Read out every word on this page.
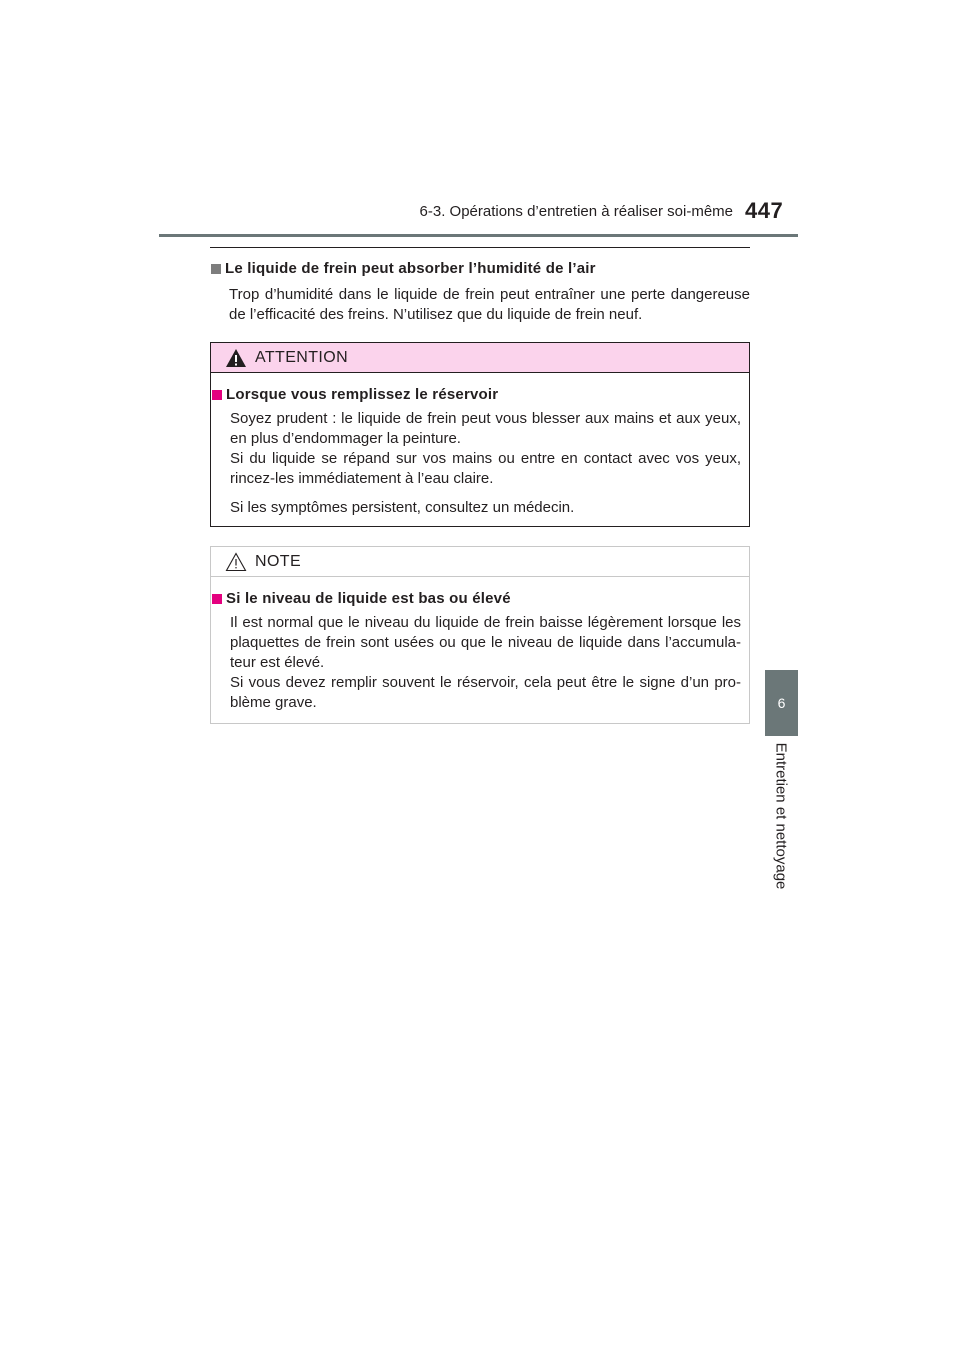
6-3. Opérations d’entretien à réaliser soi-même 447
6
Entretien et nettoyage
Le liquide de frein peut absorber l’humidité de l’air
Trop d’humidité dans le liquide de frein peut entraîner une perte dangereuse de l’efficacité des freins. N’utilisez que du liquide de frein neuf.
ATTENTION
Lorsque vous remplissez le réservoir
Soyez prudent : le liquide de frein peut vous blesser aux mains et aux yeux, en plus d’endommager la peinture.
Si du liquide se répand sur vos mains ou entre en contact avec vos yeux, rincez-les immédiatement à l’eau claire.
Si les symptômes persistent, consultez un médecin.
NOTE
Si le niveau de liquide est bas ou élevé
Il est normal que le niveau du liquide de frein baisse légèrement lorsque les plaquettes de frein sont usées ou que le niveau de liquide dans l’accumula-teur est élevé.
Si vous devez remplir souvent le réservoir, cela peut être le signe d’un pro-blème grave.
